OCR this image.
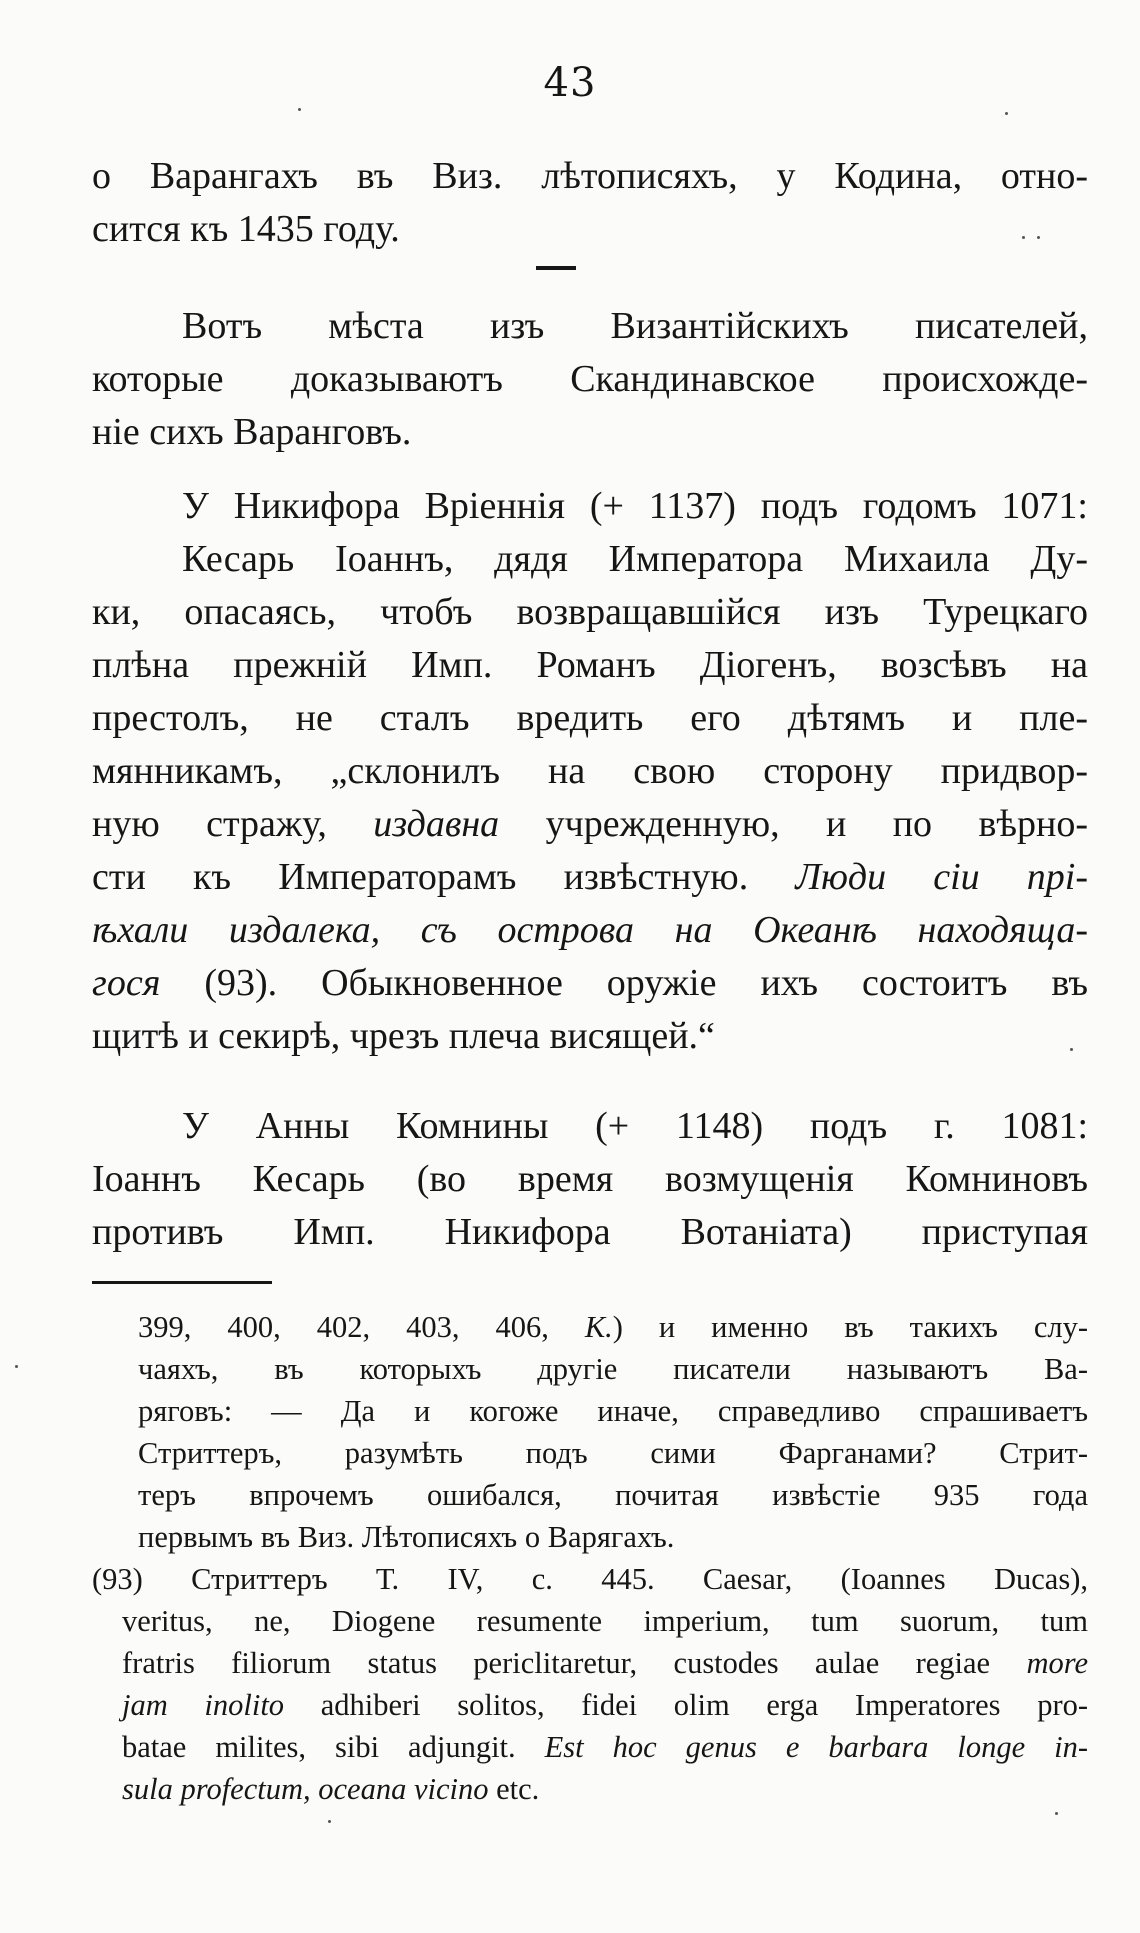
43
о Варангахъ въ Виз. лѣтописяхъ, у Кодина, отно-
сится къ 1435 году.
Вотъ мѣста изъ Византійскихъ писателей,
которые доказываютъ Скандинавское происхожде-
ніе сихъ Варанговъ.
У Никифора Вріеннія (+ 1137) подъ годомъ 1071:
Кесарь Іоаннъ, дядя Императора Михаила Ду-
ки, опасаясь, чтобъ возвращавшійся изъ Турецкаго
плѣна прежній Имп. Романъ Діогенъ, возсѣвъ на
престолъ, не сталъ вредить его дѣтямъ и пле-
мянникамъ, „склонилъ на свою сторону придвор-
ную стражу, издавна учрежденную, и по вѣрно-
сти къ Императорамъ извѣстную. Люди сіи прі-
ѣхали издалека, съ острова на Океанѣ находяща-
гося (93). Обыкновенное оружіе ихъ состоитъ въ
щитѣ и секирѣ, чрезъ плеча висящей.“
У Анны Комнины (+ 1148) подъ г. 1081:
Іоаннъ Кесарь (во время возмущенія Комниновъ
противъ Имп. Никифора Вотаніата) приступая
399, 400, 402, 403, 406, К.) и именно въ такихъ слу-
чаяхъ, въ которыхъ другіе писатели называютъ Ва-
ряговъ: — Да и когоже иначе, справедливо спрашиваетъ
Стриттеръ, разумѣть подъ сими Фарганами? Стрит-
теръ впрочемъ ошибался, почитая извѣстіе 935 года
первымъ въ Виз. Лѣтописяхъ о Варягахъ.
(93) Стриттеръ Т. IV, с. 445. Caesar, (Ioannes Ducas),
veritus, ne, Diogene resumente imperium, tum suorum, tum
fratris filiorum status periclitaretur, custodes aulae regiae more
jam inolito adhiberi solitos, fidei olim erga Imperatores pro-
batae milites, sibi adjungit. Est hoc genus e barbara longe in-
sula profectum, oceana vicino etc.
